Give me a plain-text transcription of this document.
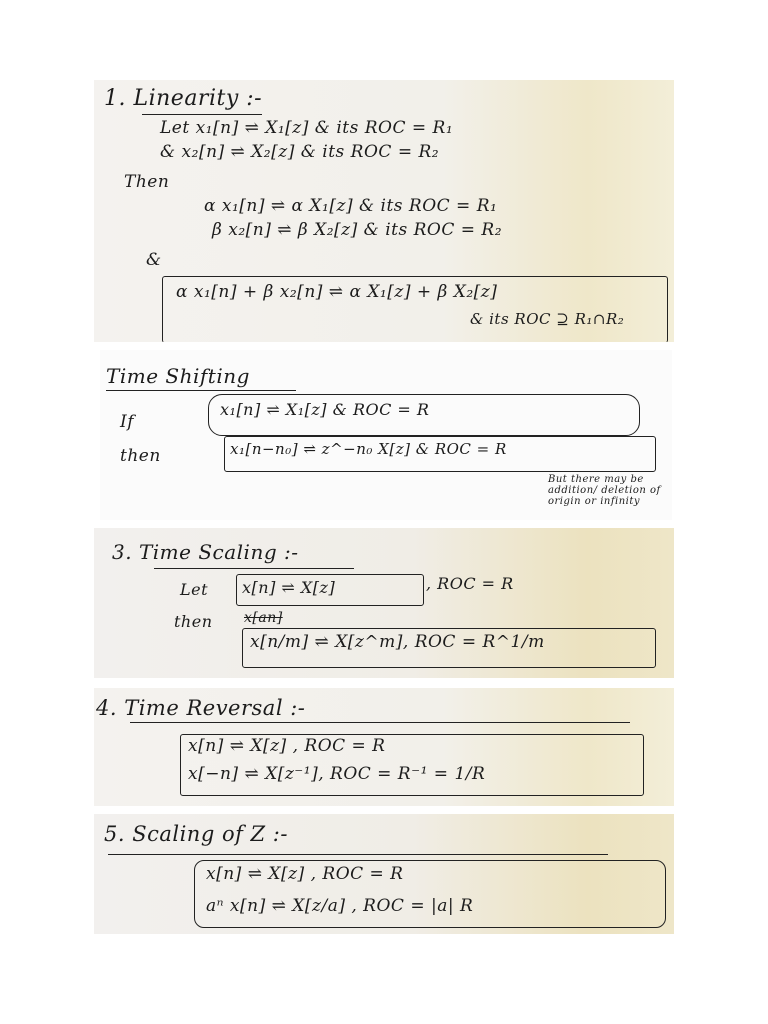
1. Linearity :-
Let x₁[n] ⇌ X₁[z] & its ROC = R₁
& x₂[n] ⇌ X₂[z] & its ROC = R₂
Then
α x₁[n] ⇌ α X₁[z] & its ROC = R₁
β x₂[n] ⇌ β X₂[z] & its ROC = R₂
&
α x₁[n] + β x₂[n] ⇌ α X₁[z] + β X₂[z]
& its ROC ⊇ R₁∩R₂
Time Shifting
If
x₁[n] ⇌ X₁[z] & ROC = R
then	x₁[n−n₀] ⇌ z^−n₀ X[z] & ROC = R
But there may be addition/ deletion of origin or infinity
3. Time Scaling :-
Let x[n] ⇌ X[z]	, ROC = R
then x[an]
x[n/m] ⇌ X[z^m], ROC = R^1/m
4. Time Reversal :-
x[n] ⇌ X[z] , ROC = R
x[−n] ⇌ X[z⁻¹], ROC = R⁻¹ = 1/R
5. Scaling of Z :-
x[n] ⇌ X[z] , ROC = R
aⁿ x[n] ⇌ X[z/a] , ROC = |a| R
